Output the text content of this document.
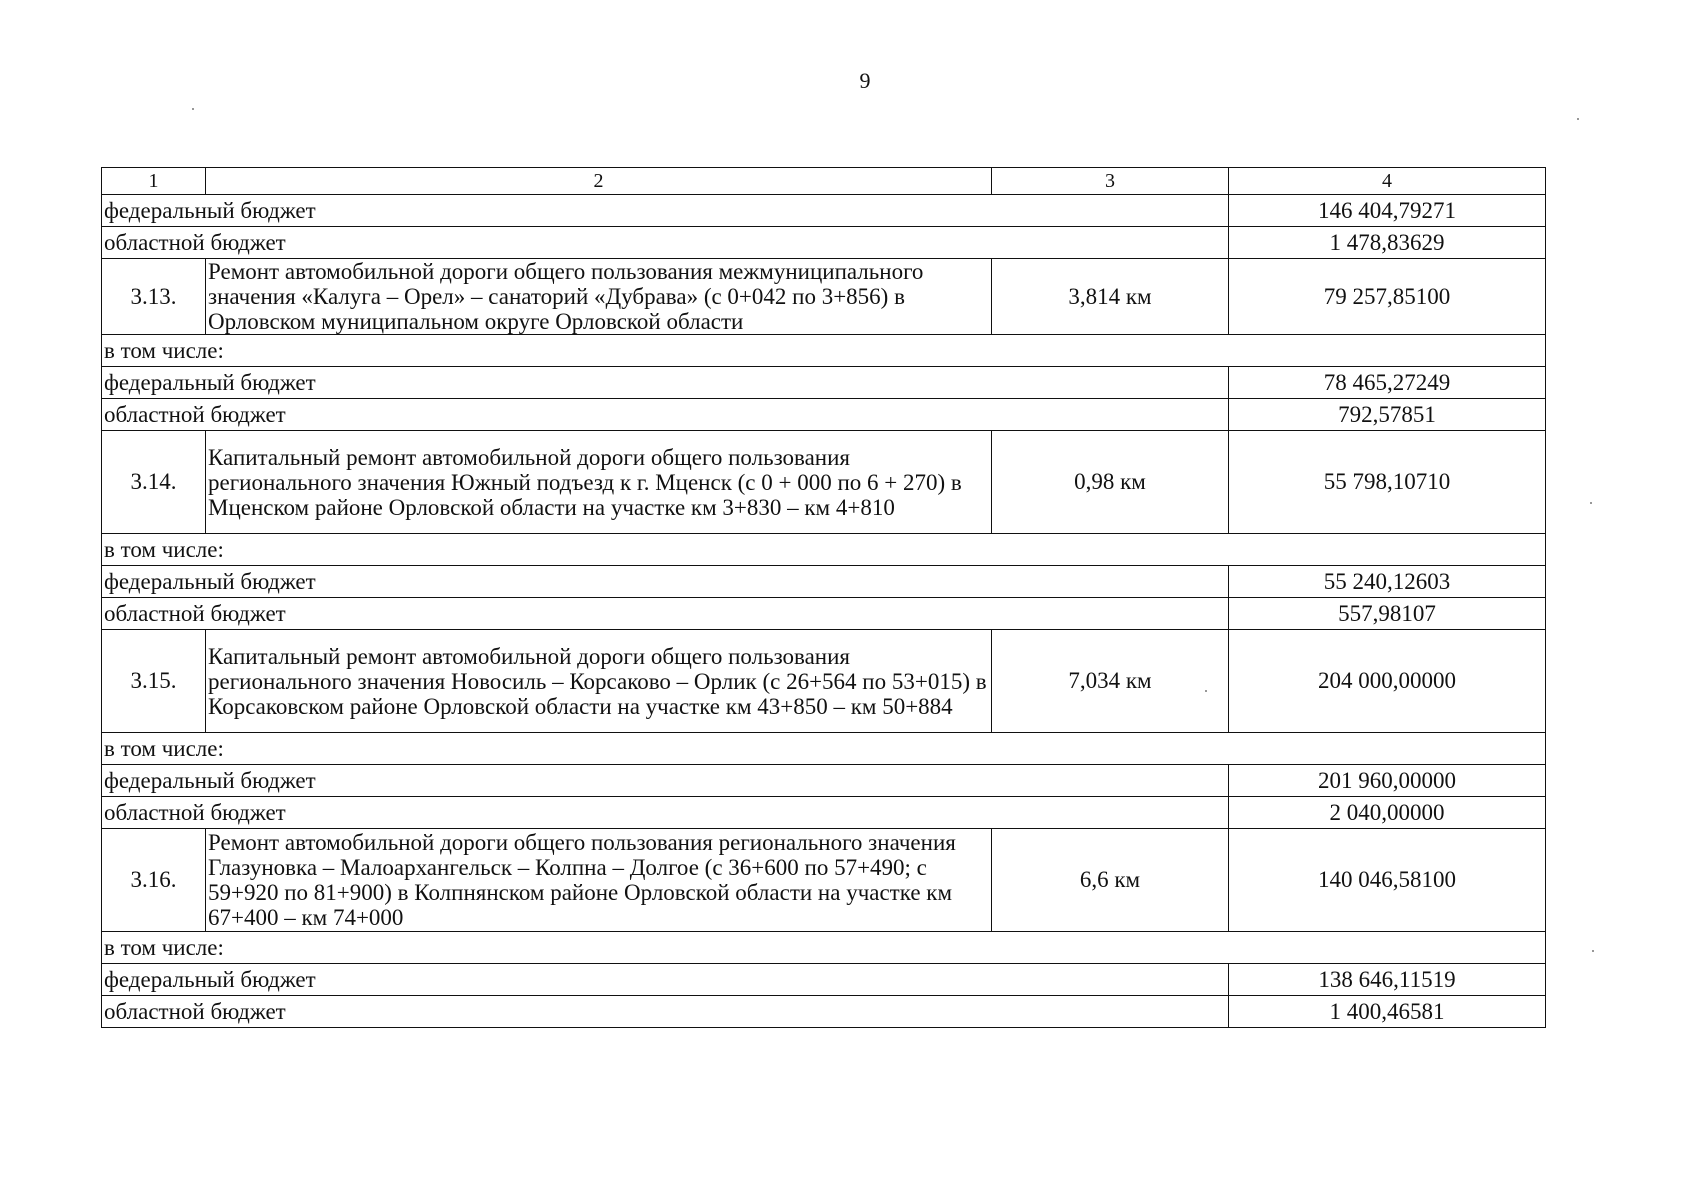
9
1	2	3	4
федеральный бюджет			146 404,79271
областной бюджет			1 478,83629
3.13.	Ремонт автомобильной дороги общего пользования межмуниципального значения «Калуга – Орел» – санаторий «Дубрава» (с 0+042 по 3+856) в Орловском муниципальном округе Орловской области	3,814 км	79 257,85100
в том числе:			
федеральный бюджет			78 465,27249
областной бюджет			792,57851
3.14.	Капитальный ремонт автомобильной дороги общего пользования регионального значения Южный подъезд к г. Мценск (с 0 + 000 по 6 + 270) в Мценском районе Орловской области на участке км 3+830 – км 4+810	0,98 км	55 798,10710
в том числе:			
федеральный бюджет			55 240,12603
областной бюджет			557,98107
3.15.	Капитальный ремонт автомобильной дороги общего пользования регионального значения Новосиль – Корсаково – Орлик (с 26+564 по 53+015) в Корсаковском районе Орловской области на участке км 43+850 – км 50+884	7,034 км	204 000,00000
в том числе:			
федеральный бюджет			201 960,00000
областной бюджет			2 040,00000
3.16.	Ремонт автомобильной дороги общего пользования регионального значения Глазуновка – Малоархангельск – Колпна – Долгое (с 36+600 по 57+490; с 59+920 по 81+900) в Колпнянском районе Орловской области на участке км 67+400 – км 74+000	6,6 км	140 046,58100
в том числе:			
федеральный бюджет			138 646,11519
областной бюджет			1 400,46581
